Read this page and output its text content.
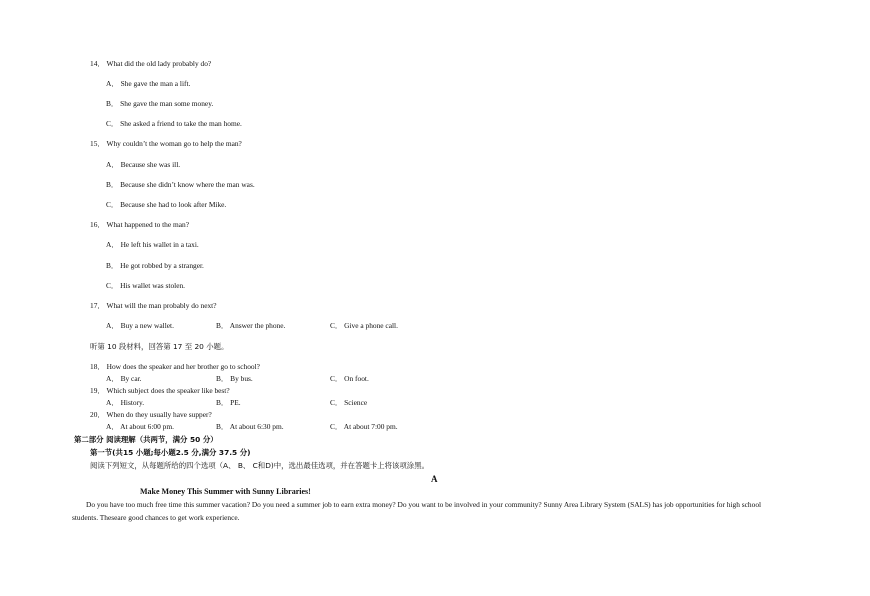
14． What did the old lady probably do?
A． She gave the man a lift.
B． She gave the man some money.
C． She asked a friend to take the man home.
15． Why couldn’t the woman go to help the man?
A． Because she was ill.
B． Because she didn’t know where the man was.
C． Because she had to look after Mike.
16． What happened to the man?
A． He left his wallet in a taxi.
B． He got robbed by a stranger.
C． His wallet was stolen.
17． What will the man probably do next?
A． Buy a new wallet.	B． Answer the phone.	C． Give a phone call.
听第 10 段材料，回答第 17 至 20 小题。
18． How does the speaker and her brother go to school?
A． By car.	B． By bus.	C． On foot.
19． Which subject does the speaker like best?
A． History.	B． PE.	C． Science
20． When do they usually have supper?
A． At about 6:00 pm.	B． At about 6:30 pm.	C． At about 7:00 pm.
第二部分 阅读理解（共两节，满分 50 分）
第一节(共15 小题;每小题2.5 分,满分 37.5 分)
阅读下列短文，从每题所给的四个选项（A、 B、 C和D)中，选出最佳选项，并在答题卡上将该项涂黑。
A
Make Money This Summer with Sunny Libraries!
Do you have too much free time this summer vacation? Do you need a summer job to earn extra money? Do you want to be involved in your community? Sunny Area Library System (SALS) has job opportunities for high school students. Theseare good chances to get work experience.
